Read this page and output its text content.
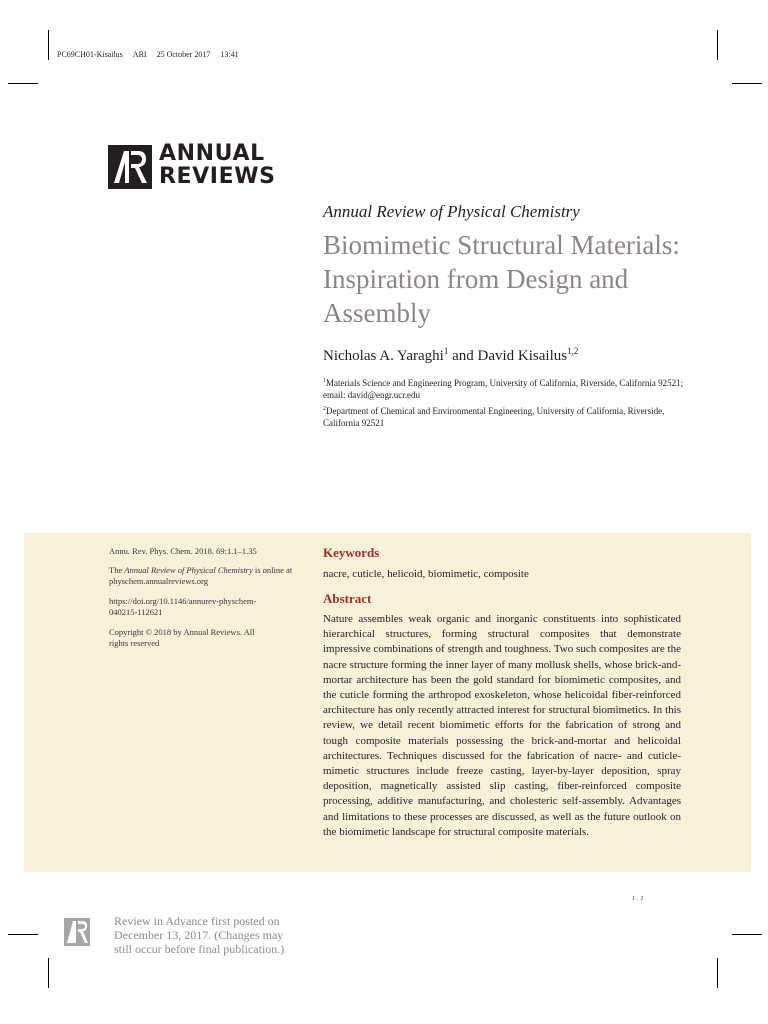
PC69CH01-Kisailus ARI 25 October 2017 13:41
ANNUAL
REVIEWS
Annual Review of Physical Chemistry
Biomimetic Structural Materials: Inspiration from Design and Assembly
Nicholas A. Yaraghi$^1$ and David Kisailus$^{1,2}$
$^1$Materials Science and Engineering Program, University of California, Riverside, California 92521; email: david@engr.ucr.edu
$^2$Department of Chemical and Environmental Engineering, University of California, Riverside, California 92521

Annu. Rev. Phys. Chem. 2018. 69:1.1–1.35

The Annual Review of Physical Chemistry is online at physchem.annualreviews.org

https://doi.org/10.1146/annurev-physchem-040215-112621

Copyright © 2018 by Annual Reviews. All rights reserved

Keywords
nacre, cuticle, helicoid, biomimetic, composite
Abstract

Nature assembles weak organic and inorganic constituents into sophisticated hierarchical structures, forming structural composites that demonstrate impressive combinations of strength and toughness. Two such composites are the nacre structure forming the inner layer of many mollusk shells, whose brick-and-mortar architecture has been the gold standard for biomimetic composites, and the cuticle forming the arthropod exoskeleton, whose helicoidal fiber-reinforced architecture has only recently attracted interest for structural biomimetics. In this review, we detail recent biomimetic efforts for the fabrication of strong and tough composite materials possessing the brick-and-mortar and helicoidal architectures. Techniques discussed for the fabrication of nacre- and cuticle-mimetic structures include freeze casting, layer-by-layer deposition, spray deposition, magnetically assisted slip casting, fiber-reinforced composite processing, additive manufacturing, and cholesteric self-assembly. Advantages and limitations to these processes are discussed, as well as the future outlook on the biomimetic landscape for structural composite materials.

1.1
Review in Advance first posted on December 13, 2017. (Changes may still occur before final publication.)
